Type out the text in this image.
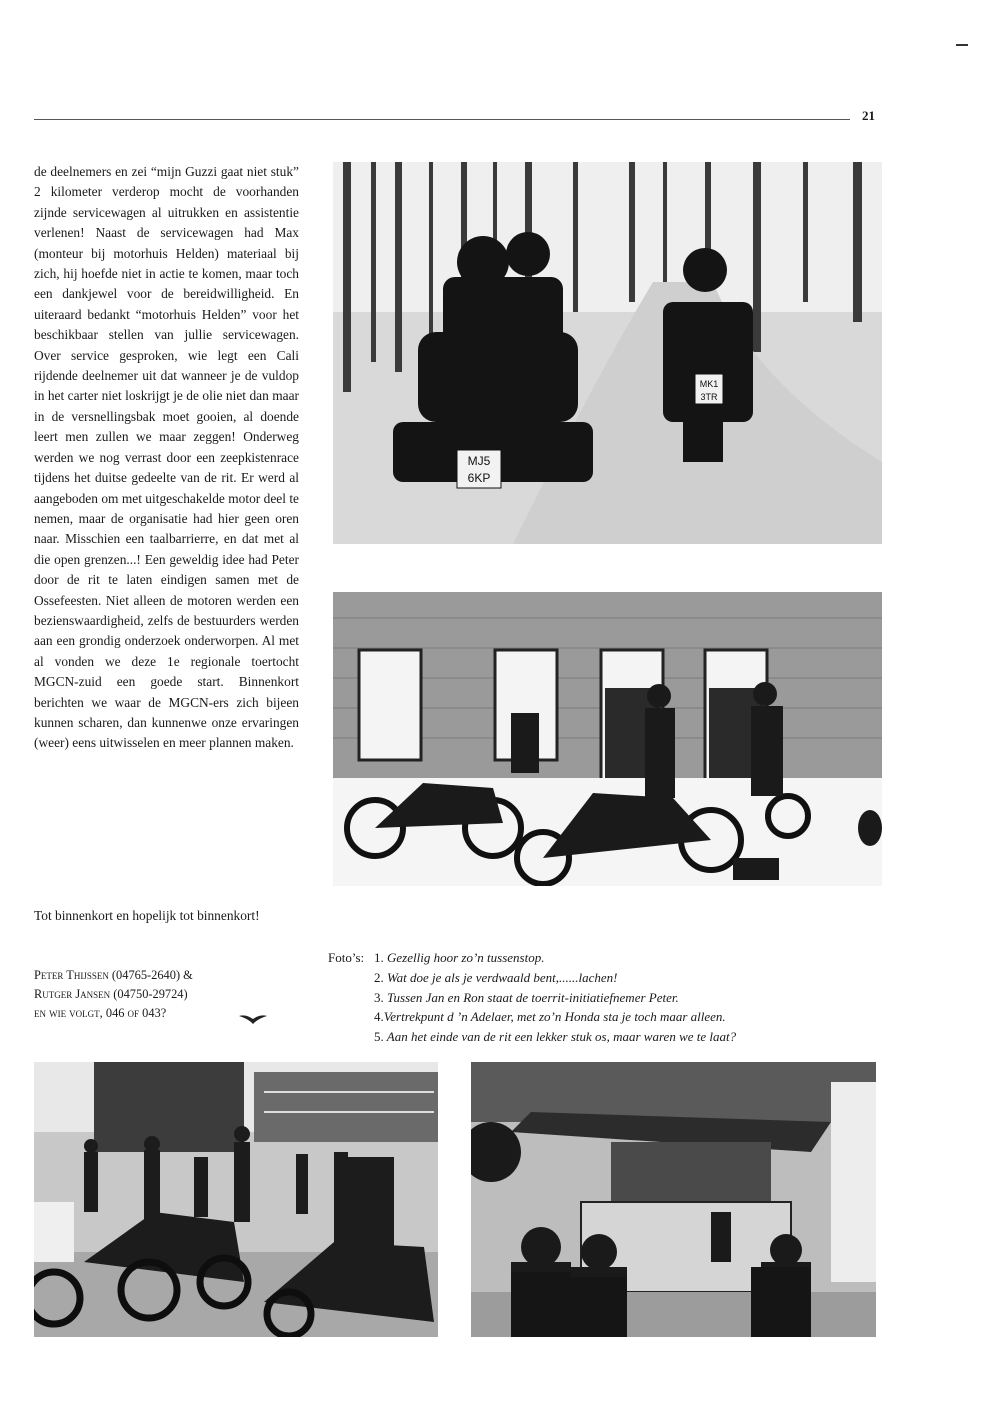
21
de deelnemers en zei “mijn Guzzi gaat niet stuk” 2 kilometer verderop mocht de voorhanden zijnde servicewagen al uitrukken en assistentie verlenen! Naast de servicewagen had Max (monteur bij motorhuis Helden) materiaal bij zich, hij hoefde niet in actie te komen, maar toch een dankjewel voor de bereidwilligheid. En uiteraard bedankt “motorhuis Helden” voor het beschikbaar stellen van jullie servicewagen. Over service gesproken, wie legt een Cali rijdende deelnemer uit dat wanneer je de vuldop in het carter niet loskrijgt je de olie niet dan maar in de versnellingsbak moet gooien, al doende leert men zullen we maar zeggen! Onderweg werden we nog verrast door een zeepkistenrace tijdens het duitse gedeelte van de rit. Er werd al aangeboden om met uitgeschakelde motor deel te nemen, maar de organisatie had hier geen oren naar. Misschien een taalbarrierre, en dat met al die open grenzen...! Een geweldig idee had Peter door de rit te laten eindigen samen met de Ossefeesten. Niet alleen de motoren werden een bezienswaardigheid, zelfs de bestuurders werden aan een grondig onderzoek onderworpen. Al met al vonden we deze 1e regionale toertocht MGCN-zuid een goede start. Binnenkort berichten we waar de MGCN-ers zich bijeen kunnen scharen, dan kunnenwe onze ervaringen (weer) eens uitwisselen en meer plannen maken.
Tot binnenkort en hopelijk tot binnenkort!
Peter Thijssen (04765-2640) &
Rutger Jansen (04750-29724)
en wie volgt, 046 of 043?
MJ5
6KP
MK1
3TR
Foto’s: 1. Gezellig hoor zo’n tussenstop.
2. Wat doe je als je verdwaald bent,......lachen!
3. Tussen Jan en Ron staat de toerrit-initiatiefnemer Peter.
4.Vertrekpunt d ’n Adelaer, met zo’n Honda sta je toch maar alleen.
5. Aan het einde van de rit een lekker stuk os, maar waren we te laat?
